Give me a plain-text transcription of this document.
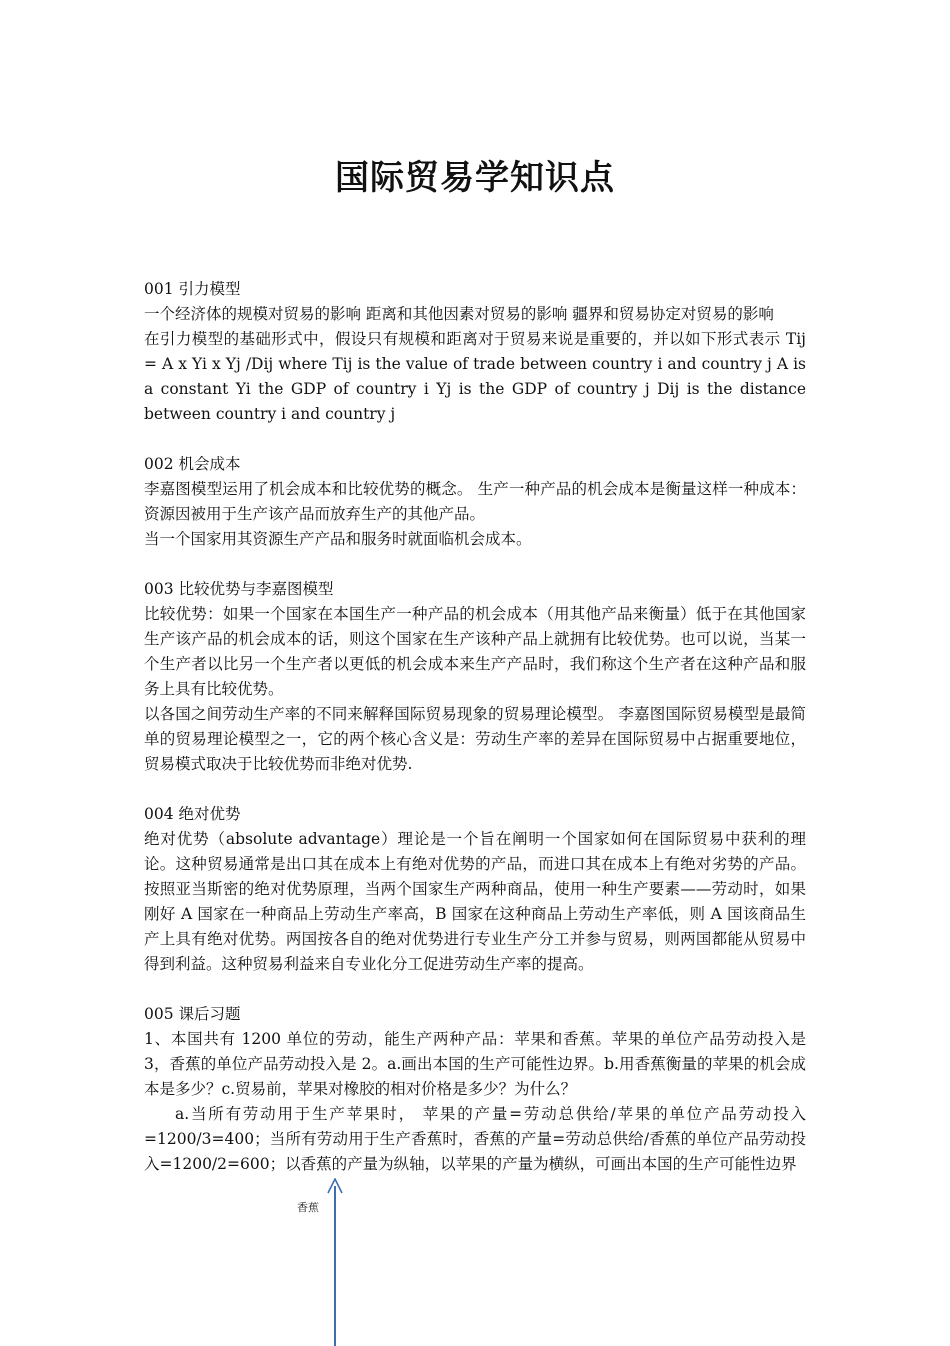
国际贸易学知识点

001 引力模型

一个经济体的规模对贸易的影响 距离和其他因素对贸易的影响 疆界和贸易协定对贸易的影响

在引力模型的基础形式中，假设只有规模和距离对于贸易来说是重要的，并以如下形式表示 Tij = A x Yi x Yj /Dij where Tij is the value of trade between country i and country j A is a constant Yi the GDP of country i Yj is the GDP of country j Dij is the distance between country i and country j

002 机会成本

李嘉图模型运用了机会成本和比较优势的概念。 生产一种产品的机会成本是衡量这样一种成本：资源因被用于生产该产品而放弃生产的其他产品。

当一个国家用其资源生产产品和服务时就面临机会成本。

003 比较优势与李嘉图模型

比较优势：如果一个国家在本国生产一种产品的机会成本（用其他产品来衡量）低于在其他国家生产该产品的机会成本的话，则这个国家在生产该种产品上就拥有比较优势。也可以说，当某一个生产者以比另一个生产者以更低的机会成本来生产产品时，我们称这个生产者在这种产品和服务上具有比较优势。

以各国之间劳动生产率的不同来解释国际贸易现象的贸易理论模型。 李嘉图国际贸易模型是最简单的贸易理论模型之一，它的两个核心含义是：劳动生产率的差异在国际贸易中占据重要地位，贸易模式取决于比较优势而非绝对优势.

004 绝对优势

绝对优势（absolute advantage）理论是一个旨在阐明一个国家如何在国际贸易中获利的理论。这种贸易通常是出口其在成本上有绝对优势的产品，而进口其在成本上有绝对劣势的产品。按照亚当斯密的绝对优势原理，当两个国家生产两种商品，使用一种生产要素——劳动时，如果刚好 A 国家在一种商品上劳动生产率高，B 国家在这种商品上劳动生产率低，则 A 国该商品生产上具有绝对优势。两国按各自的绝对优势进行专业生产分工并参与贸易，则两国都能从贸易中得到利益。这种贸易利益来自专业化分工促进劳动生产率的提高。

005 课后习题

1、本国共有 1200 单位的劳动，能生产两种产品：苹果和香蕉。苹果的单位产品劳动投入是 3，香蕉的单位产品劳动投入是 2。a.画出本国的生产可能性边界。b.用香蕉衡量的苹果的机会成本是多少？c.贸易前，苹果对橡胶的相对价格是多少？为什么？

a.当所有劳动用于生产苹果时， 苹果的产量=劳动总供给/苹果的单位产品劳动投入=1200/3=400；当所有劳动用于生产香蕉时，香蕉的产量=劳动总供给/香蕉的单位产品劳动投入=1200/2=600；以香蕉的产量为纵轴，以苹果的产量为横纵，可画出本国的生产可能性边界

香蕉
